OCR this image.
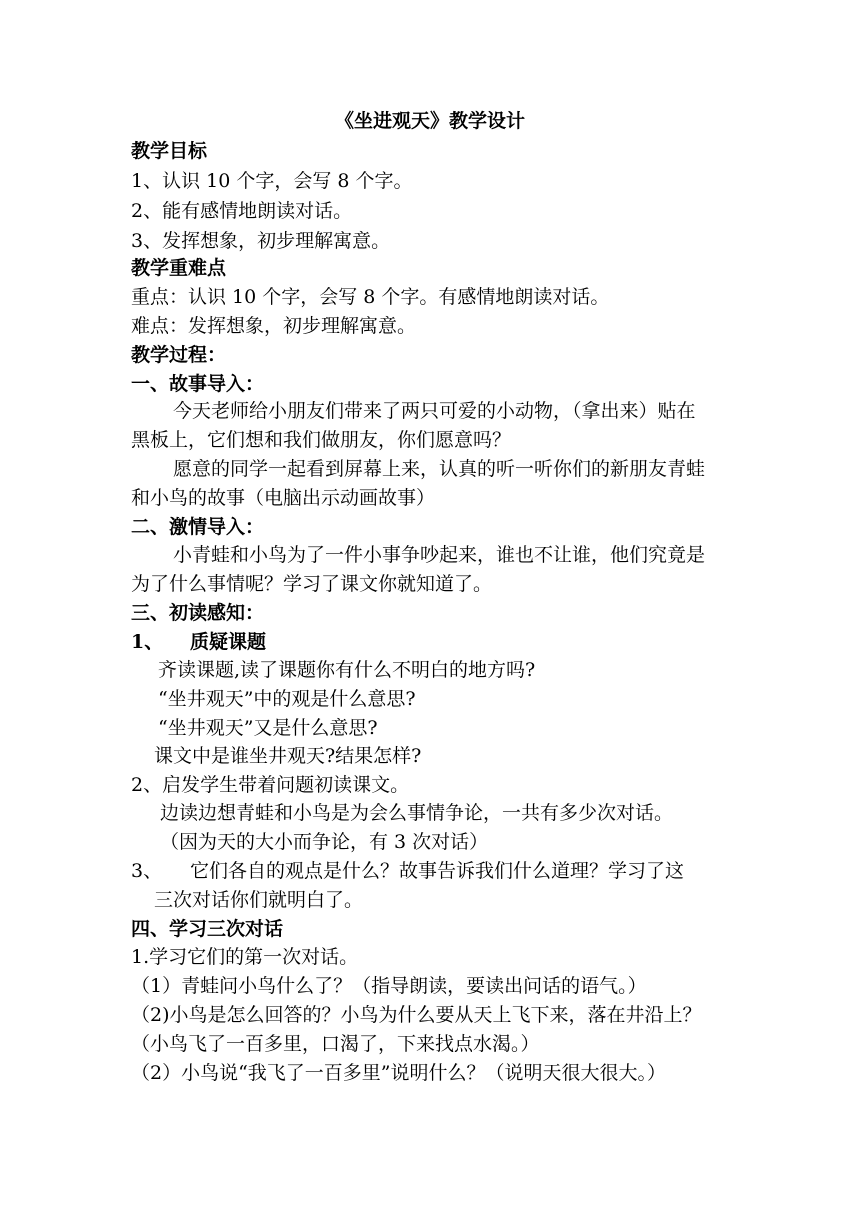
《坐进观天》教学设计
教学目标
1、认识 10 个字，会写 8 个字。
2、能有感情地朗读对话。
3、发挥想象，初步理解寓意。
教学重难点
重点：认识 10 个字，会写 8 个字。有感情地朗读对话。
难点：发挥想象，初步理解寓意。
教学过程：
一、故事导入：
今天老师给小朋友们带来了两只可爱的小动物，（拿出来）贴在
黑板上，它们想和我们做朋友，你们愿意吗？
愿意的同学一起看到屏幕上来，认真的听一听你们的新朋友青蛙
和小鸟的故事（电脑出示动画故事）
二、激情导入：
小青蛙和小鸟为了一件小事争吵起来，谁也不让谁，他们究竟是
为了什么事情呢？学习了课文你就知道了。
三、初读感知：
1、 质疑课题
齐读课题,读了课题你有什么不明白的地方吗?
“坐井观天”中的观是什么意思?
“坐井观天”又是什么意思?
课文中是谁坐井观天?结果怎样?
2、启发学生带着问题初读课文。
边读边想青蛙和小鸟是为会么事情争论，一共有多少次对话。
（因为天的大小而争论，有 3 次对话）
3、 它们各自的观点是什么？故事告诉我们什么道理？学习了这
三次对话你们就明白了。
四、学习三次对话
1.学习它们的第一次对话。
（1）青蛙问小鸟什么了？（指导朗读，要读出问话的语气。）
（2)小鸟是怎么回答的？小鸟为什么要从天上飞下来，落在井沿上？
（小鸟飞了一百多里，口渴了，下来找点水渴。）
（2）小鸟说“我飞了一百多里”说明什么？（说明天很大很大。）
